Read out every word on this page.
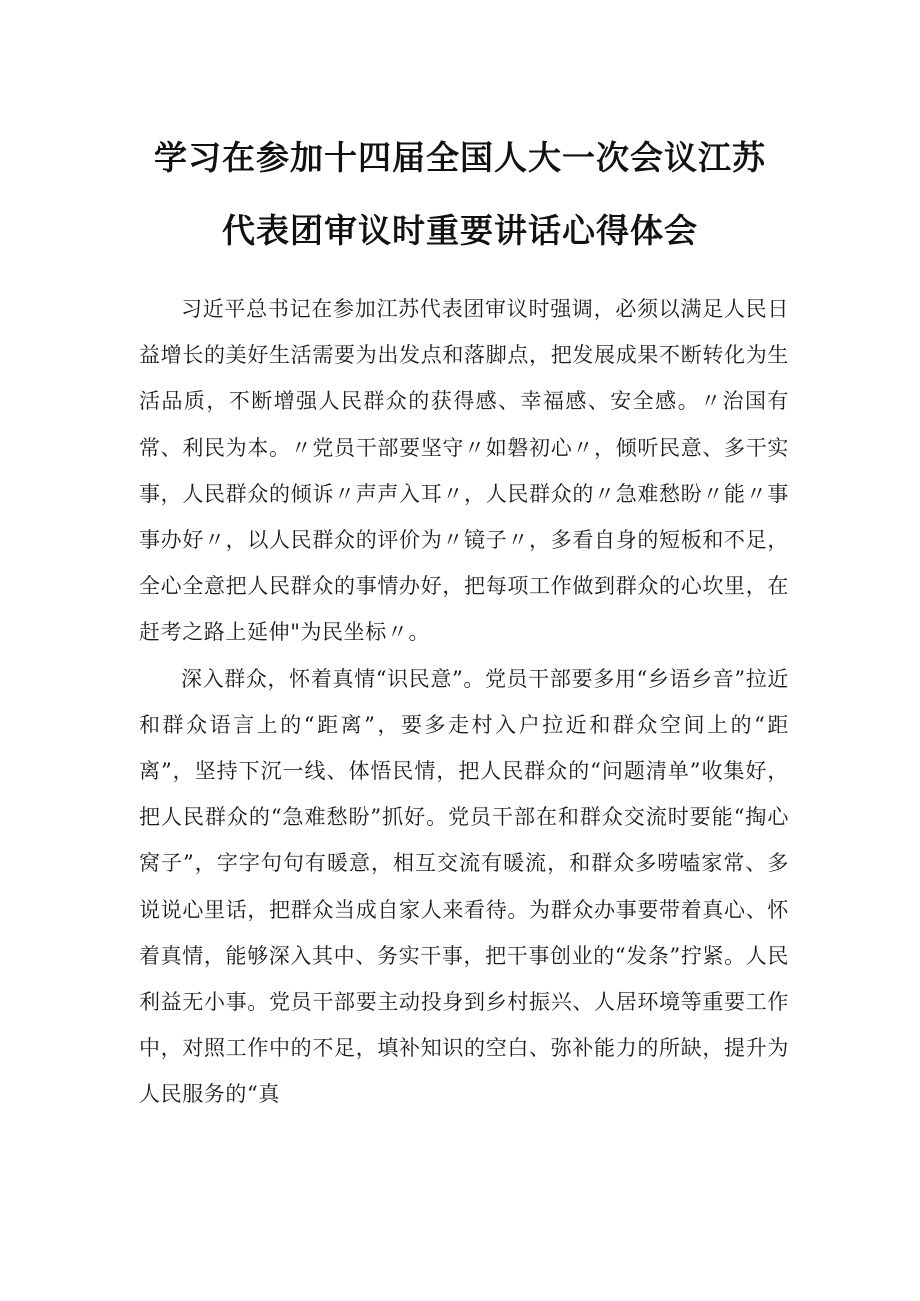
学习在参加十四届全国人大一次会议江苏
代表团审议时重要讲话心得体会

习近平总书记在参加江苏代表团审议时强调，必须以满足人民日益增长的美好生活需要为出发点和落脚点，把发展成果不断转化为生活品质，不断增强人民群众的获得感、幸福感、安全感。〃治国有常、利民为本。〃党员干部要坚守〃如磐初心〃，倾听民意、多干实事，人民群众的倾诉〃声声入耳〃，人民群众的〃急难愁盼〃能〃事事办好〃，以人民群众的评价为〃镜子〃，多看自身的短板和不足，全心全意把人民群众的事情办好，把每项工作做到群众的心坎里，在赶考之路上延伸"为民坐标〃。

深入群众，怀着真情“识民意”。党员干部要多用“乡语乡音”拉近和群众语言上的“距离”，要多走村入户拉近和群众空间上的“距离”，坚持下沉一线、体悟民情，把人民群众的“问题清单”收集好，把人民群众的“急难愁盼”抓好。党员干部在和群众交流时要能“掏心窝子”，字字句句有暖意，相互交流有暖流，和群众多唠嗑家常、多说说心里话，把群众当成自家人来看待。为群众办事要带着真心、怀着真情，能够深入其中、务实干事，把干事创业的“发条”拧紧。人民利益无小事。党员干部要主动投身到乡村振兴、人居环境等重要工作中，对照工作中的不足，填补知识的空白、弥补能力的所缺，提升为人民服务的“真
